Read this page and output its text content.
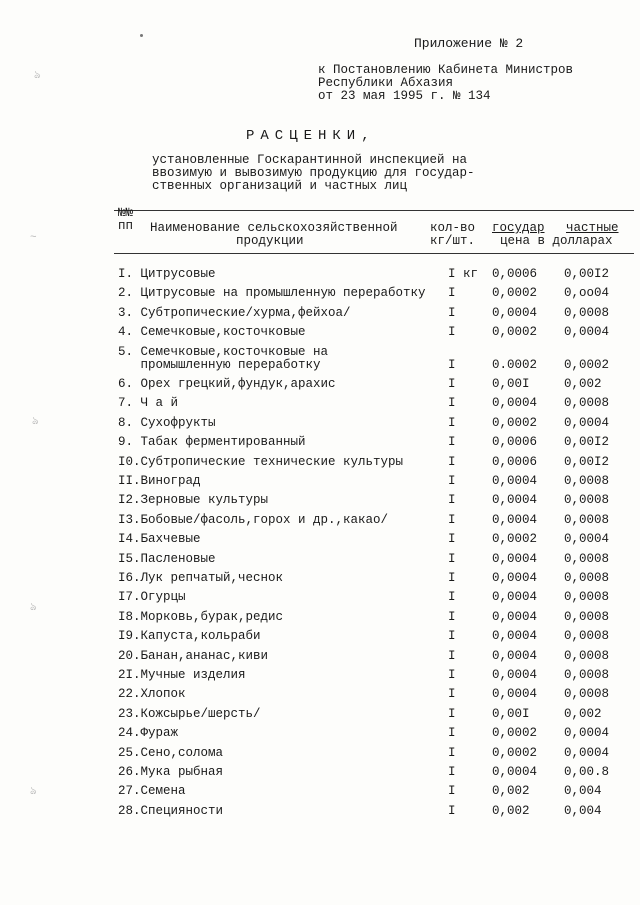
Приложение № 2
к Постановлению Кабинета Министров
Республики Абхазия
от 23 мая 1995 г. № 134
РАСЦЕНКИ,
установленные Госкарантинной инспекцией на
ввозимую и вывозимую продукцию для государ-
ственных организаций и частных лиц
№№
пп Наименование сельскохозяйственной
продукции
кол-во
кг/шт.
государ частные
цена в долларах
I. Цитрусовые	I кг 0,0006 0,00I2
2. Цитрусовые на промышленную переработку I	0,0002 0,оо04
3. Субтропические/хурма,фейхоа/	I	0,0004 0,0008
4. Семечковые,косточковые	I	0,0002 0,0004
5. Семечковые,косточковые на
промышленную переработку	I	0.0002 0,0002
6. Орех грецкий,фундук,арахис	I	0,00I	0,002
7. Ч а й	I	0,0004 0,0008
8. Сухофрукты	I	0,0002 0,0004
9. Табак ферментированный	I	0,0006 0,00I2
I0.Субтропические технические культуры	I	0,0006 0,00I2
II.Виноград	I	0,0004 0,0008
I2.Зерновые культуры	I	0,0004 0,0008
I3.Бобовые/фасоль,горох и др.,какао/	I	0,0004 0,0008
I4.Бахчевые	I	0,0002 0,0004
I5.Пасленовые	I	0,0004 0,0008
I6.Лук репчатый,чеснок	I	0,0004 0,0008
I7.Огурцы	I	0,0004 0,0008
I8.Морковь,бурак,редис	I	0,0004 0,0008
I9.Капуста,кольраби	I	0,0004 0,0008
20.Банан,ананас,киви	I	0,0004 0,0008
2I.Мучные изделия	I	0,0004 0,0008
22.Хлопок	I	0,0004 0,0008
23.Кожсырье/шерсть/	I	0,00I	0,002
24.Фураж	I	0,0002 0,0004
25.Сено,солома	I	0,0002 0,0004
26.Мука рыбная	I	0,0004 0,00.8
27.Семена	I	0,002	0,004
28.Специяности	I	0,002	0,004
ঌ
~
ঌ
ঌ
ঌ
